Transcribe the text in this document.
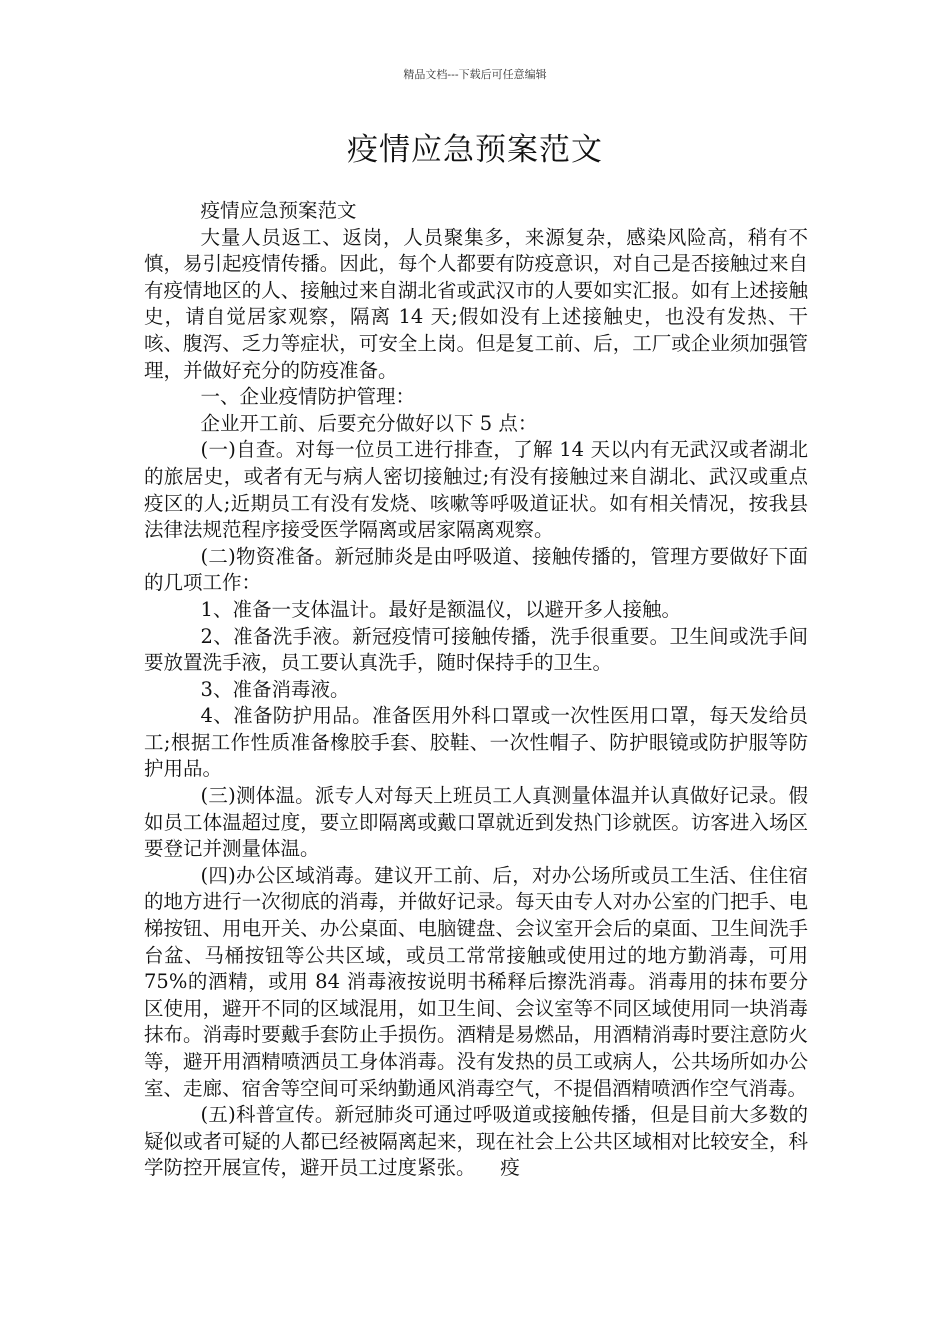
精品文档---下载后可任意编辑
疫情应急预案范文

疫情应急预案范文

大量人员返工、返岗，人员聚集多，来源复杂，感染风险高，稍有不慎，易引起疫情传播。因此，每个人都要有防疫意识，对自己是否接触过来自有疫情地区的人、接触过来自湖北省或武汉市的人要如实汇报。如有上述接触史，请自觉居家观察，隔离 14 天;假如没有上述接触史，也没有发热、干咳、腹泻、乏力等症状，可安全上岗。但是复工前、后，工厂或企业须加强管理，并做好充分的防疫准备。

一、企业疫情防护管理：

企业开工前、后要充分做好以下 5 点：

(一)自查。对每一位员工进行排查，了解 14 天以内有无武汉或者湖北的旅居史，或者有无与病人密切接触过;有没有接触过来自湖北、武汉或重点疫区的人;近期员工有没有发烧、咳嗽等呼吸道证状。如有相关情况，按我县法律法规范程序接受医学隔离或居家隔离观察。

(二)物资准备。新冠肺炎是由呼吸道、接触传播的，管理方要做好下面的几项工作：

1、准备一支体温计。最好是额温仪，以避开多人接触。

2、准备洗手液。新冠疫情可接触传播，洗手很重要。卫生间或洗手间要放置洗手液，员工要认真洗手，随时保持手的卫生。

3、准备消毒液。

4、准备防护用品。准备医用外科口罩或一次性医用口罩，每天发给员工;根据工作性质准备橡胶手套、胶鞋、一次性帽子、防护眼镜或防护服等防护用品。

(三)测体温。派专人对每天上班员工人真测量体温并认真做好记录。假如员工体温超过度，要立即隔离或戴口罩就近到发热门诊就医。访客进入场区要登记并测量体温。

(四)办公区域消毒。建议开工前、后，对办公场所或员工生活、住住宿的地方进行一次彻底的消毒，并做好记录。每天由专人对办公室的门把手、电梯按钮、用电开关、办公桌面、电脑键盘、会议室开会后的桌面、卫生间洗手台盆、马桶按钮等公共区域，或员工常常接触或使用过的地方勤消毒，可用 75%的酒精，或用 84 消毒液按说明书稀释后擦洗消毒。消毒用的抹布要分区使用，避开不同的区域混用，如卫生间、会议室等不同区域使用同一块消毒抹布。消毒时要戴手套防止手损伤。酒精是易燃品，用酒精消毒时要注意防火等，避开用酒精喷洒员工身体消毒。没有发热的员工或病人，公共场所如办公室、走廊、宿舍等空间可采纳勤通风消毒空气，不提倡酒精喷洒作空气消毒。

(五)科普宣传。新冠肺炎可通过呼吸道或接触传播，但是目前大多数的疑似或者可疑的人都已经被隔离起来，现在社会上公共区域相对比较安全，科学防控开展宣传，避开员工过度紧张。    疫
